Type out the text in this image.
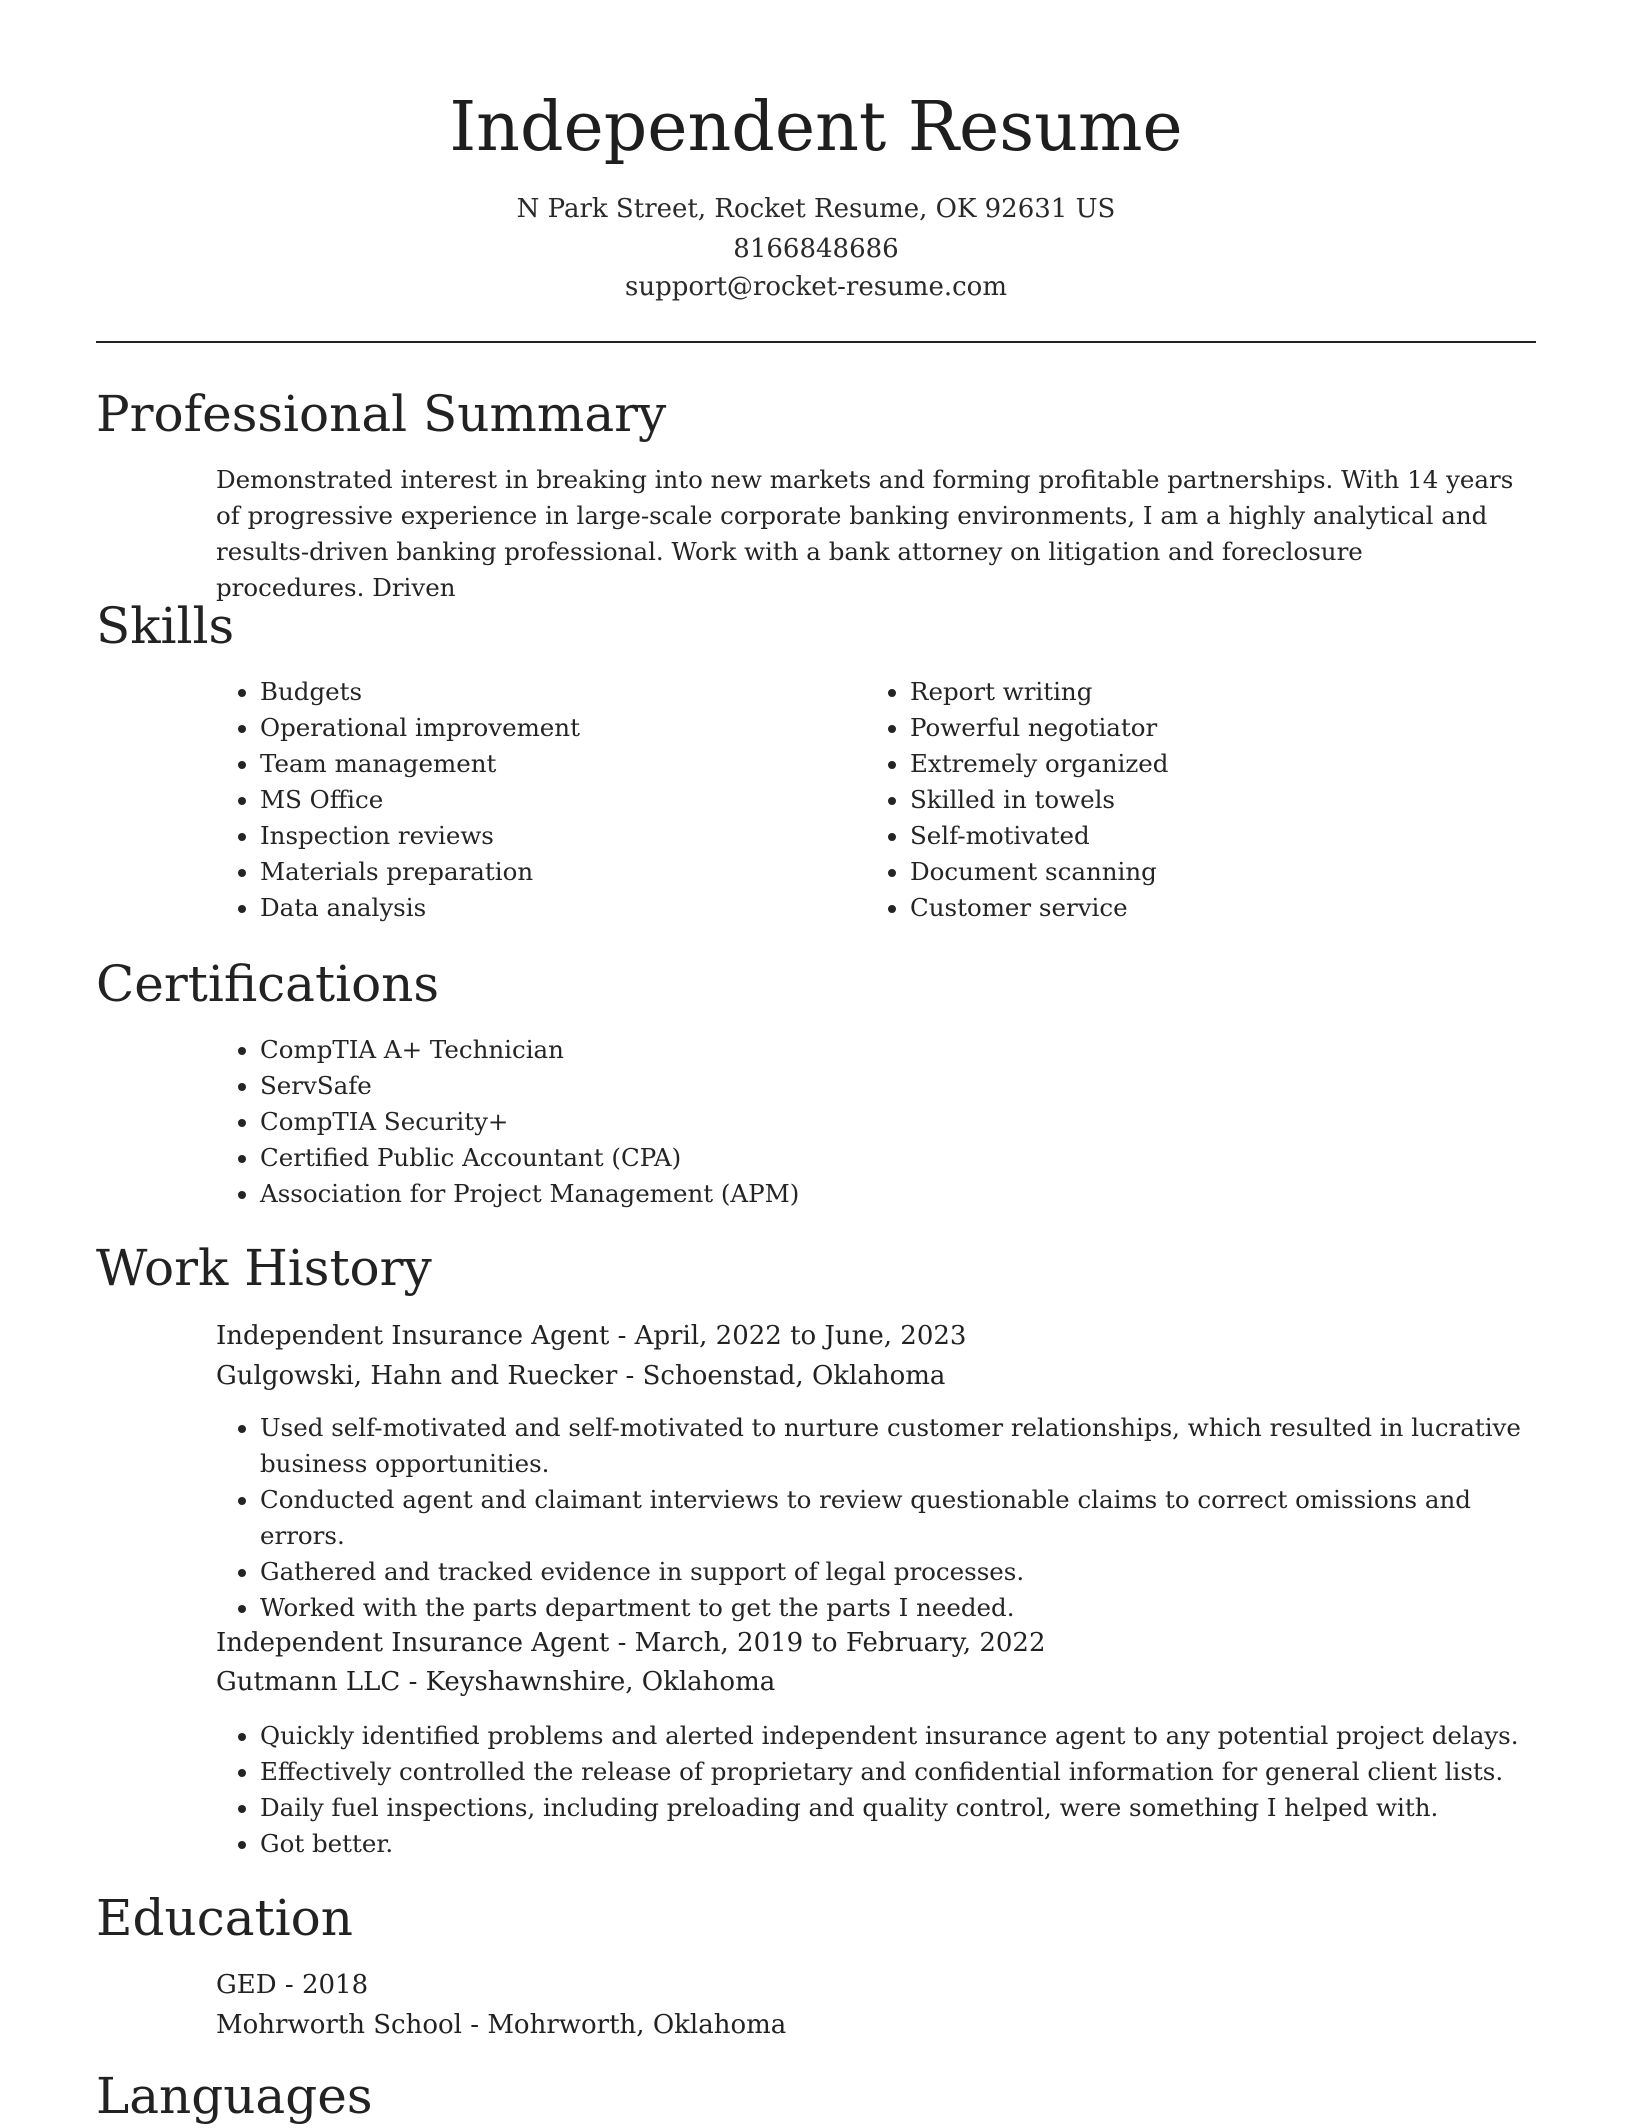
Independent Resume
N Park Street, Rocket Resume, OK 92631 US
8166848686
support@rocket-resume.com
Professional Summary

Demonstrated interest in breaking into new markets and forming profitable partnerships. With 14 years of progressive experience in large-scale corporate banking environments, I am a highly analytical and results-driven banking professional. Work with a bank attorney on litigation and foreclosure procedures. Driven

Skills
• Budgets
• Operational improvement
• Team management
• MS Office
• Inspection reviews
• Materials preparation
• Data analysis
• Report writing
• Powerful negotiator
• Extremely organized
• Skilled in towels
• Self-motivated
• Document scanning
• Customer service
Certifications
• CompTIA A+ Technician
• ServSafe
• CompTIA Security+
• Certified Public Accountant (CPA)
• Association for Project Management (APM)
Work History
Independent Insurance Agent - April, 2022 to June, 2023
Gulgowski, Hahn and Ruecker - Schoenstad, Oklahoma
• Used self-motivated and self-motivated to nurture customer relationships, which resulted in lucrative business opportunities.
• Conducted agent and claimant interviews to review questionable claims to correct omissions and errors.
• Gathered and tracked evidence in support of legal processes.
• Worked with the parts department to get the parts I needed.
Independent Insurance Agent - March, 2019 to February, 2022
Gutmann LLC - Keyshawnshire, Oklahoma
• Quickly identified problems and alerted independent insurance agent to any potential project delays.
• Effectively controlled the release of proprietary and confidential information for general client lists.
• Daily fuel inspections, including preloading and quality control, were something I helped with.
• Got better.
Education
GED - 2018
Mohrworth School - Mohrworth, Oklahoma
Languages
